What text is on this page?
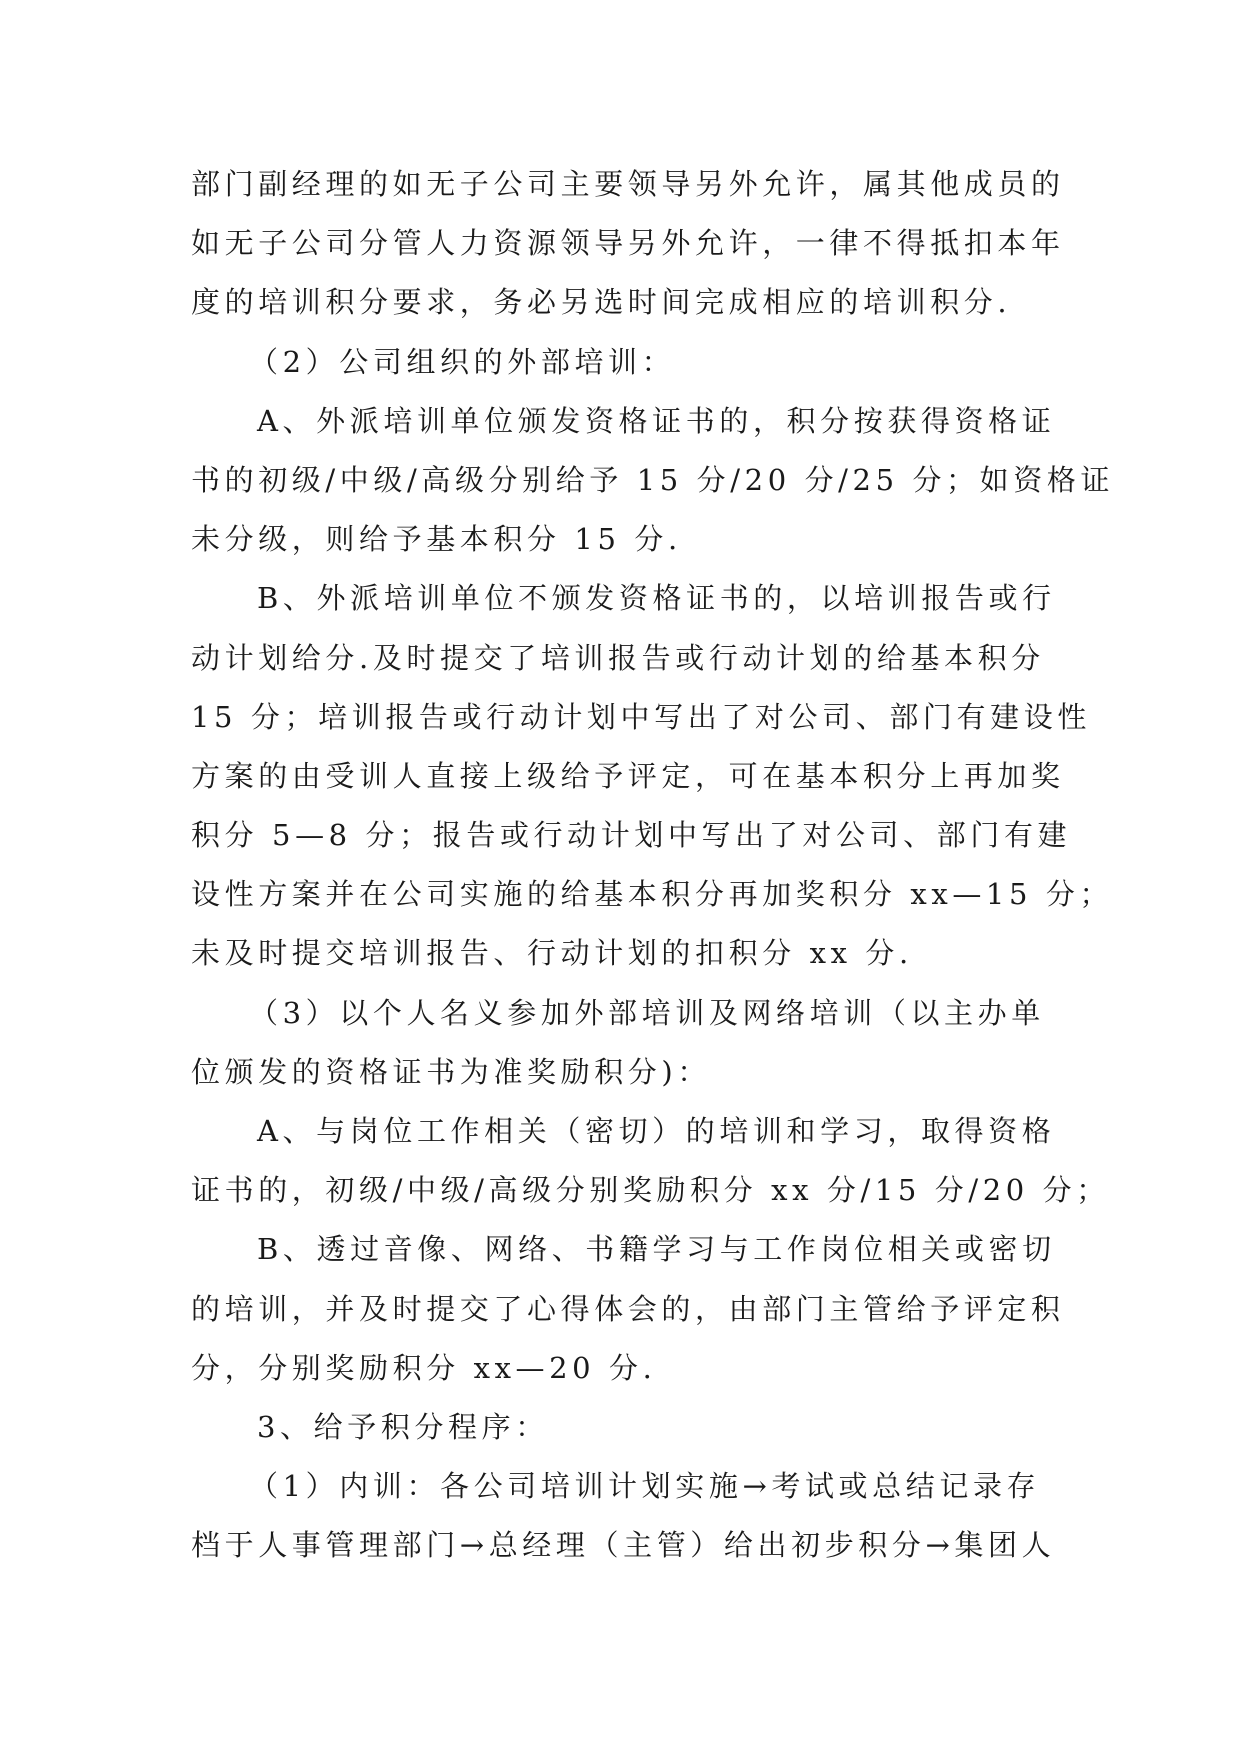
部门副经理的如无子公司主要领导另外允许，属其他成员的
如无子公司分管人力资源领导另外允许，一律不得抵扣本年
度的培训积分要求，务必另选时间完成相应的培训积分.
（2）公司组织的外部培训：
A、外派培训单位颁发资格证书的，积分按获得资格证
书的初级/中级/高级分别给予 15 分/20 分/25 分；如资格证
未分级，则给予基本积分 15 分.
B、外派培训单位不颁发资格证书的，以培训报告或行
动计划给分.及时提交了培训报告或行动计划的给基本积分
15 分；培训报告或行动计划中写出了对公司、部门有建设性
方案的由受训人直接上级给予评定，可在基本积分上再加奖
积分 5—8 分；报告或行动计划中写出了对公司、部门有建
设性方案并在公司实施的给基本积分再加奖积分 xx—15 分；
未及时提交培训报告、行动计划的扣积分 xx 分.
（3）以个人名义参加外部培训及网络培训（以主办单
位颁发的资格证书为准奖励积分)：
A、与岗位工作相关（密切）的培训和学习，取得资格
证书的，初级/中级/高级分别奖励积分 xx 分/15 分/20 分；
B、透过音像、网络、书籍学习与工作岗位相关或密切
的培训，并及时提交了心得体会的，由部门主管给予评定积
分，分别奖励积分 xx—20 分.
3、给予积分程序：
（1）内训：各公司培训计划实施→考试或总结记录存
档于人事管理部门→总经理（主管）给出初步积分→集团人
